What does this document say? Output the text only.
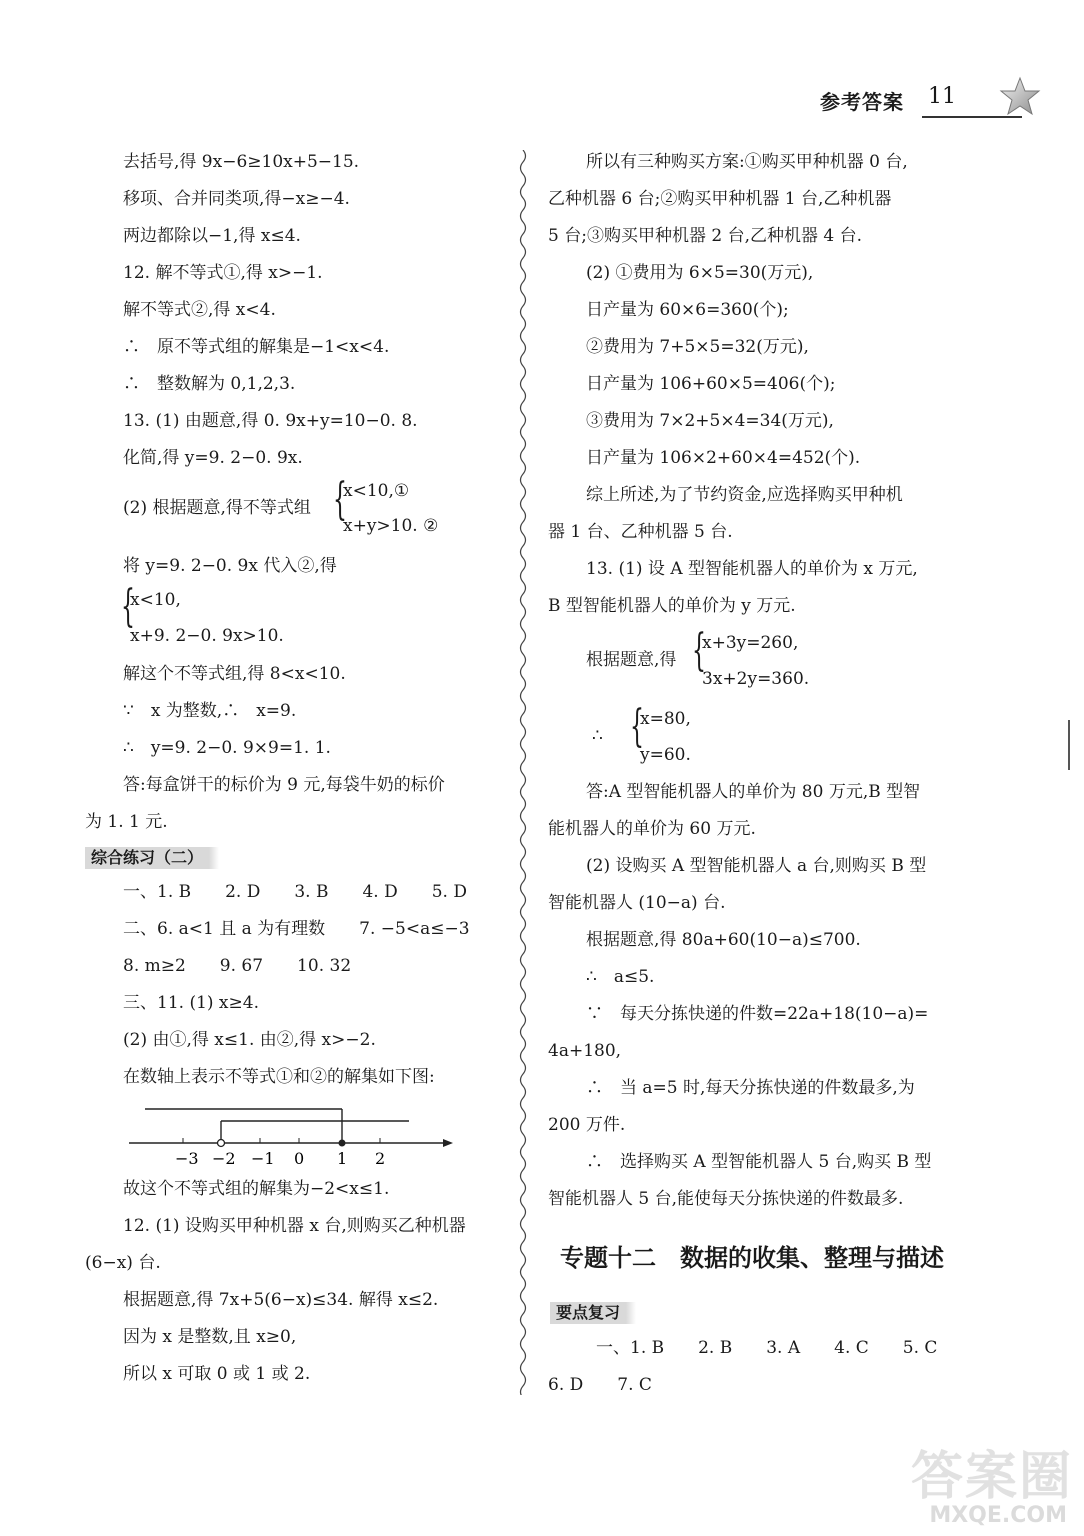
参考答案 11
去括号,得 9x−6≥10x+5−15.
移项、合并同类项,得−x≥−4.
两边都除以−1,得 x≤4.
12. 解不等式①,得 x>−1.
解不等式②,得 x<4.
∴　原不等式组的解集是−1<x<4.
∴　整数解为 0,1,2,3.
13. (1) 由题意,得 0. 9x+y=10−0. 8.
化简,得 y=9. 2−0. 9x.
(2) 根据题意,得不等式组 {
x<10,①
x+y>10. ②
将 y=9. 2−0. 9x 代入②,得
{
x<10,
x+9. 2−0. 9x>10.
解这个不等式组,得 8<x<10.
∵　x 为整数,∴　x=9.
∴　y=9. 2−0. 9×9=1. 1.
答:每盒饼干的标价为 9 元,每袋牛奶的标价
为 1. 1 元.
综合练习（二）
一、1. B　　2. D　　3. B　　4. D　　5. D
二、6. a<1 且 a 为有理数　　7. −5<a≤−3
8. m≥2　　9. 67　　10. 32
三、11. (1) x≥4.
(2) 由①,得 x≤1. 由②,得 x>−2.
在数轴上表示不等式①和②的解集如下图:
−3 −2 −1 0 1 2
故这个不等式组的解集为−2<x≤1.
12. (1) 设购买甲种机器 x 台,则购买乙种机器
(6−x) 台.
根据题意,得 7x+5(6−x)≤34. 解得 x≤2.
因为 x 是整数,且 x≥0,
所以 x 可取 0 或 1 或 2.
所以有三种购买方案:①购买甲种机器 0 台,
乙种机器 6 台;②购买甲种机器 1 台,乙种机器
5 台;③购买甲种机器 2 台,乙种机器 4 台.
(2) ①费用为 6×5=30(万元),
日产量为 60×6=360(个);
②费用为 7+5×5=32(万元),
日产量为 106+60×5=406(个);
③费用为 7×2+5×4=34(万元),
日产量为 106×2+60×4=452(个).
综上所述,为了节约资金,应选择购买甲种机
器 1 台、乙种机器 5 台.
13. (1) 设 A 型智能机器人的单价为 x 万元,
B 型智能机器人的单价为 y 万元.
根据题意,得 {
x+3y=260,
3x+2y=360.
∴ {
x=80,
y=60.
答:A 型智能机器人的单价为 80 万元,B 型智
能机器人的单价为 60 万元.
(2) 设购买 A 型智能机器人 a 台,则购买 B 型
智能机器人 (10−a) 台.
根据题意,得 80a+60(10−a)≤700.
∴　a≤5.
∵　每天分拣快递的件数=22a+18(10−a)=
4a+180,
∴　当 a=5 时,每天分拣快递的件数最多,为
200 万件.
∴　选择购买 A 型智能机器人 5 台,购买 B 型
智能机器人 5 台,能使每天分拣快递的件数最多.
专题十二　数据的收集、整理与描述
要点复习
一、1. B　　2. B　　3. A　　4. C　　5. C
6. D　　7. C
答案圈
MXQE.COM
